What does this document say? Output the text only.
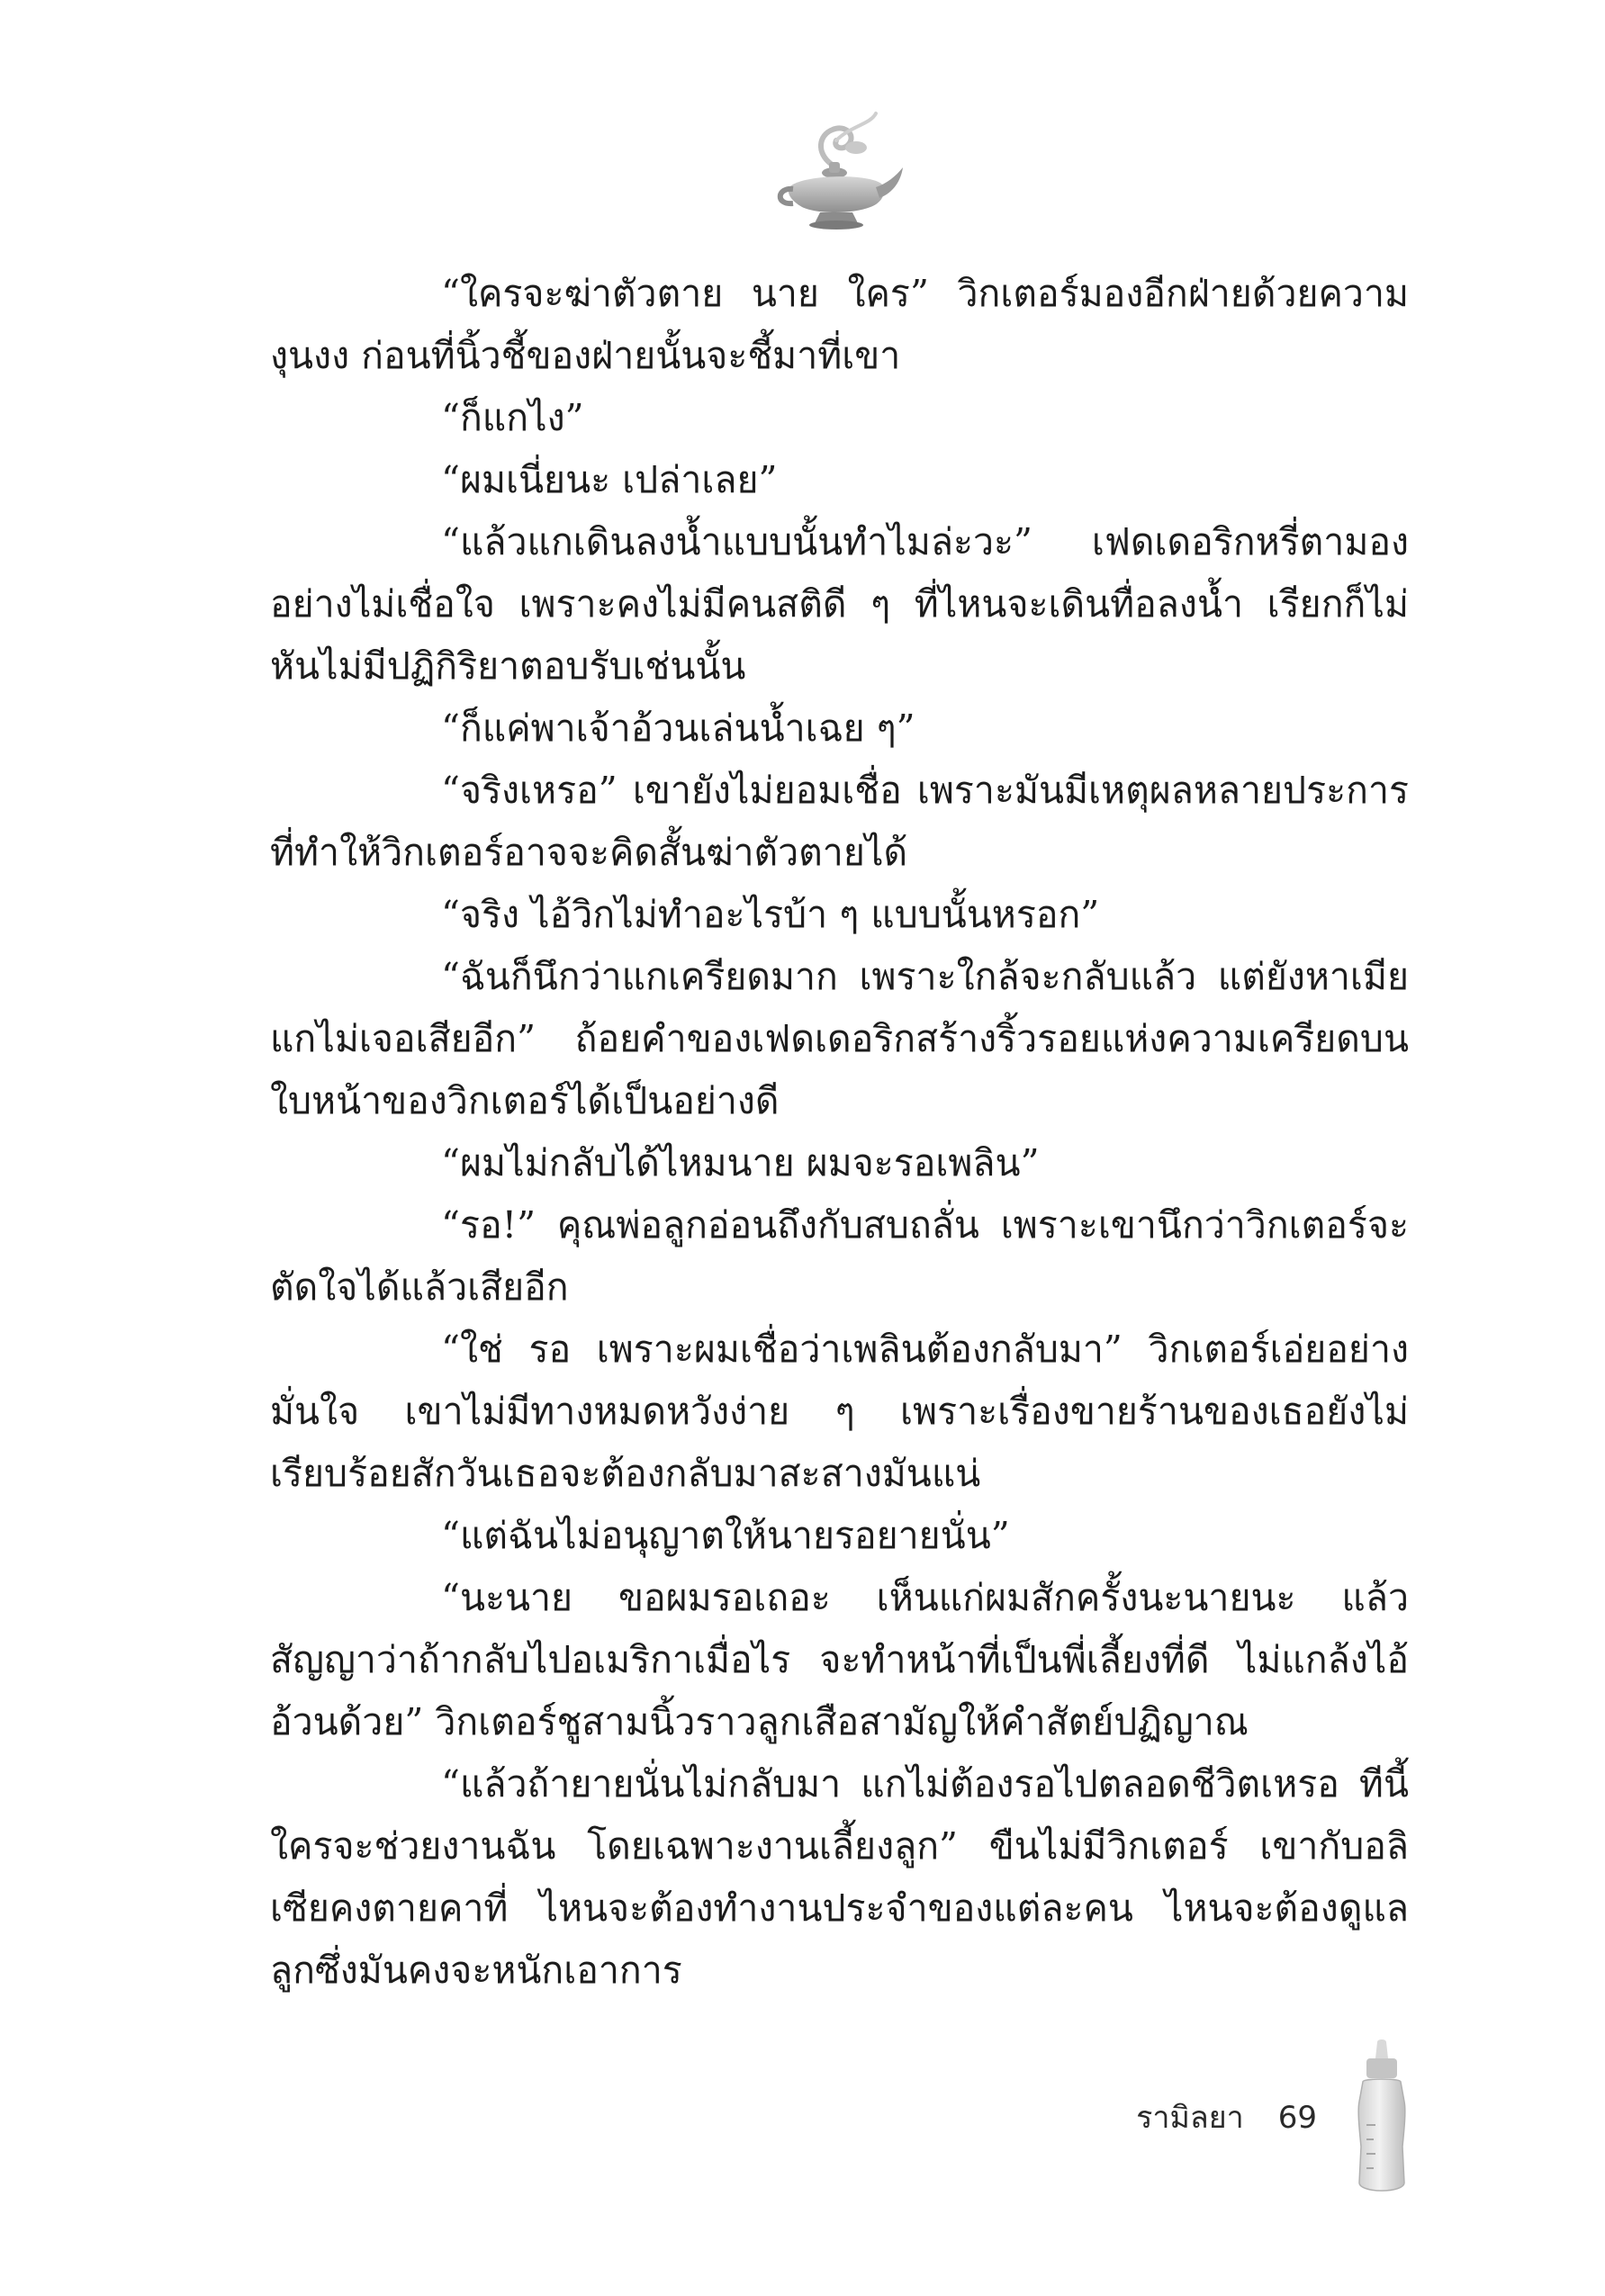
“ใครจะฆ่าตัวตาย นาย ใคร” วิกเตอร์มองอีกฝ่ายด้วยความงุนงง ก่อนที่นิ้วชี้ของฝ่ายนั้นจะชี้มาที่เขา

“ก็แกไง”

“ผมเนี่ยนะ เปล่าเลย”

“แล้วแกเดินลงน้ำแบบนั้นทำไมล่ะวะ” เฟดเดอริกหรี่ตามองอย่างไม่เชื่อใจ เพราะคงไม่มีคนสติดี ๆ ที่ไหนจะเดินทื่อลงน้ำ เรียกก็ไม่หันไม่มีปฏิกิริยาตอบรับเช่นนั้น

“ก็แค่พาเจ้าอ้วนเล่นน้ำเฉย ๆ”

“จริงเหรอ” เขายังไม่ยอมเชื่อ เพราะมันมีเหตุผลหลายประการที่ทำให้วิกเตอร์อาจจะคิดสั้นฆ่าตัวตายได้

“จริง ไอ้วิกไม่ทำอะไรบ้า ๆ แบบนั้นหรอก”

“ฉันก็นึกว่าแกเครียดมาก เพราะใกล้จะกลับแล้ว แต่ยังหาเมียแกไม่เจอเสียอีก” ถ้อยคำของเฟดเดอริกสร้างริ้วรอยแห่งความเครียดบนใบหน้าของวิกเตอร์ได้เป็นอย่างดี

“ผมไม่กลับได้ไหมนาย ผมจะรอเพลิน”

“รอ!” คุณพ่อลูกอ่อนถึงกับสบถลั่น เพราะเขานึกว่าวิกเตอร์จะตัดใจได้แล้วเสียอีก

“ใช่ รอ เพราะผมเชื่อว่าเพลินต้องกลับมา” วิกเตอร์เอ่ยอย่างมั่นใจ เขาไม่มีทางหมดหวังง่าย ๆ เพราะเรื่องขายร้านของเธอยังไม่เรียบร้อยสักวันเธอจะต้องกลับมาสะสางมันแน่

“แต่ฉันไม่อนุญาตให้นายรอยายนั่น”

“นะนาย ขอผมรอเถอะ เห็นแก่ผมสักครั้งนะนายนะ แล้วสัญญาว่าถ้ากลับไปอเมริกาเมื่อไร จะทำหน้าที่เป็นพี่เลี้ยงที่ดี ไม่แกล้งไอ้อ้วนด้วย” วิกเตอร์ชูสามนิ้วราวลูกเสือสามัญให้คำสัตย์ปฏิญาณ

“แล้วถ้ายายนั่นไม่กลับมา แกไม่ต้องรอไปตลอดชีวิตเหรอ ทีนี้ใครจะช่วยงานฉัน โดยเฉพาะงานเลี้ยงลูก” ขืนไม่มีวิกเตอร์ เขากับอลิเซียคงตายคาที่ ไหนจะต้องทำงานประจำของแต่ละคน ไหนจะต้องดูแลลูกซึ่งมันคงจะหนักเอาการ

รามิลยา 69
